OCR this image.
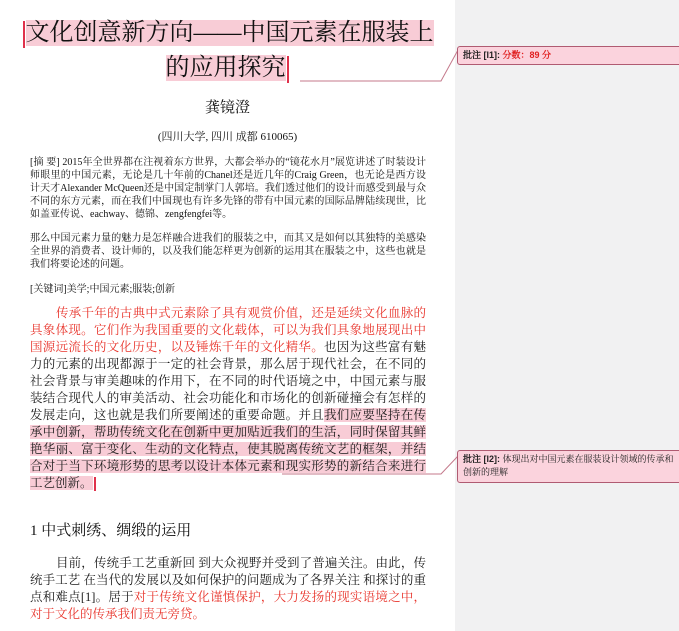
文化创意新方向——中国元素在服装上的应用探究
龚镜澄
(四川大学, 四川 成都 610065)
[摘 要] 2015年全世界都在注视着东方世界，大都会举办的“镜花水月”展览讲述了时装设计师眼里的中国元素，无论是几十年前的Chanel还是近几年的Craig Green，也无论是西方设计天才Alexander McQueen还是中国定制掌门人郭培。我们透过他们的设计而感受到最与众不同的东方元素，而在我们中国现也有许多先锋的带有中国元素的国际品牌陆续现世，比如盖亚传说、eachway、德锦、zengfengfei等。
那么中国元素力量的魅力是怎样融合进我们的服装之中，而其又是如何以其独特的美感染全世界的消费者、设计师的，以及我们能怎样更为创新的运用其在服装之中，这些也就是我们将要论述的问题。
[关键词]美学;中国元素;服装;创新
传承千年的古典中式元素除了具有观赏价值，还是延续文化血脉的具象体现。它们作为我国重要的文化载体，可以为我们具象地展现出中国源远流长的文化历史，以及锤炼千年的文化精华。也因为这些富有魅力的元素的出现都源于一定的社会背景，那么居于现代社会，在不同的社会背景与审美趣味的作用下，在不同的时代语境之中，中国元素与服装结合现代人的审美活动、社会功能化和市场化的创新碰撞会有怎样的发展走向，这也就是我们所要阐述的重要命题。并且我们应要坚持在传承中创新，帮助传统文化在创新中更加贴近我们的生活，同时保留其鲜艳华丽、富于变化、生动的文化特点，使其脱离传统文艺的框架，并结合对于当下环境形势的思考以设计本体元素和现实形势的新结合来进行工艺创新。
1 中式刺绣、绸缎的运用
目前，传统手工艺重新回 到大众视野并受到了普遍关注。由此，传统手工艺 在当代的发展以及如何保护的问题成为了各界关注 和探讨的重点和难点[1]。居于对于传统文化谨慎保护，大力发扬的现实语境之中，对于文化的传承我们责无旁贷。
批注 [l1]: 分数：89 分
批注 [l2]: 体现出对中国元素在服装设计领域的传承和创新的理解
